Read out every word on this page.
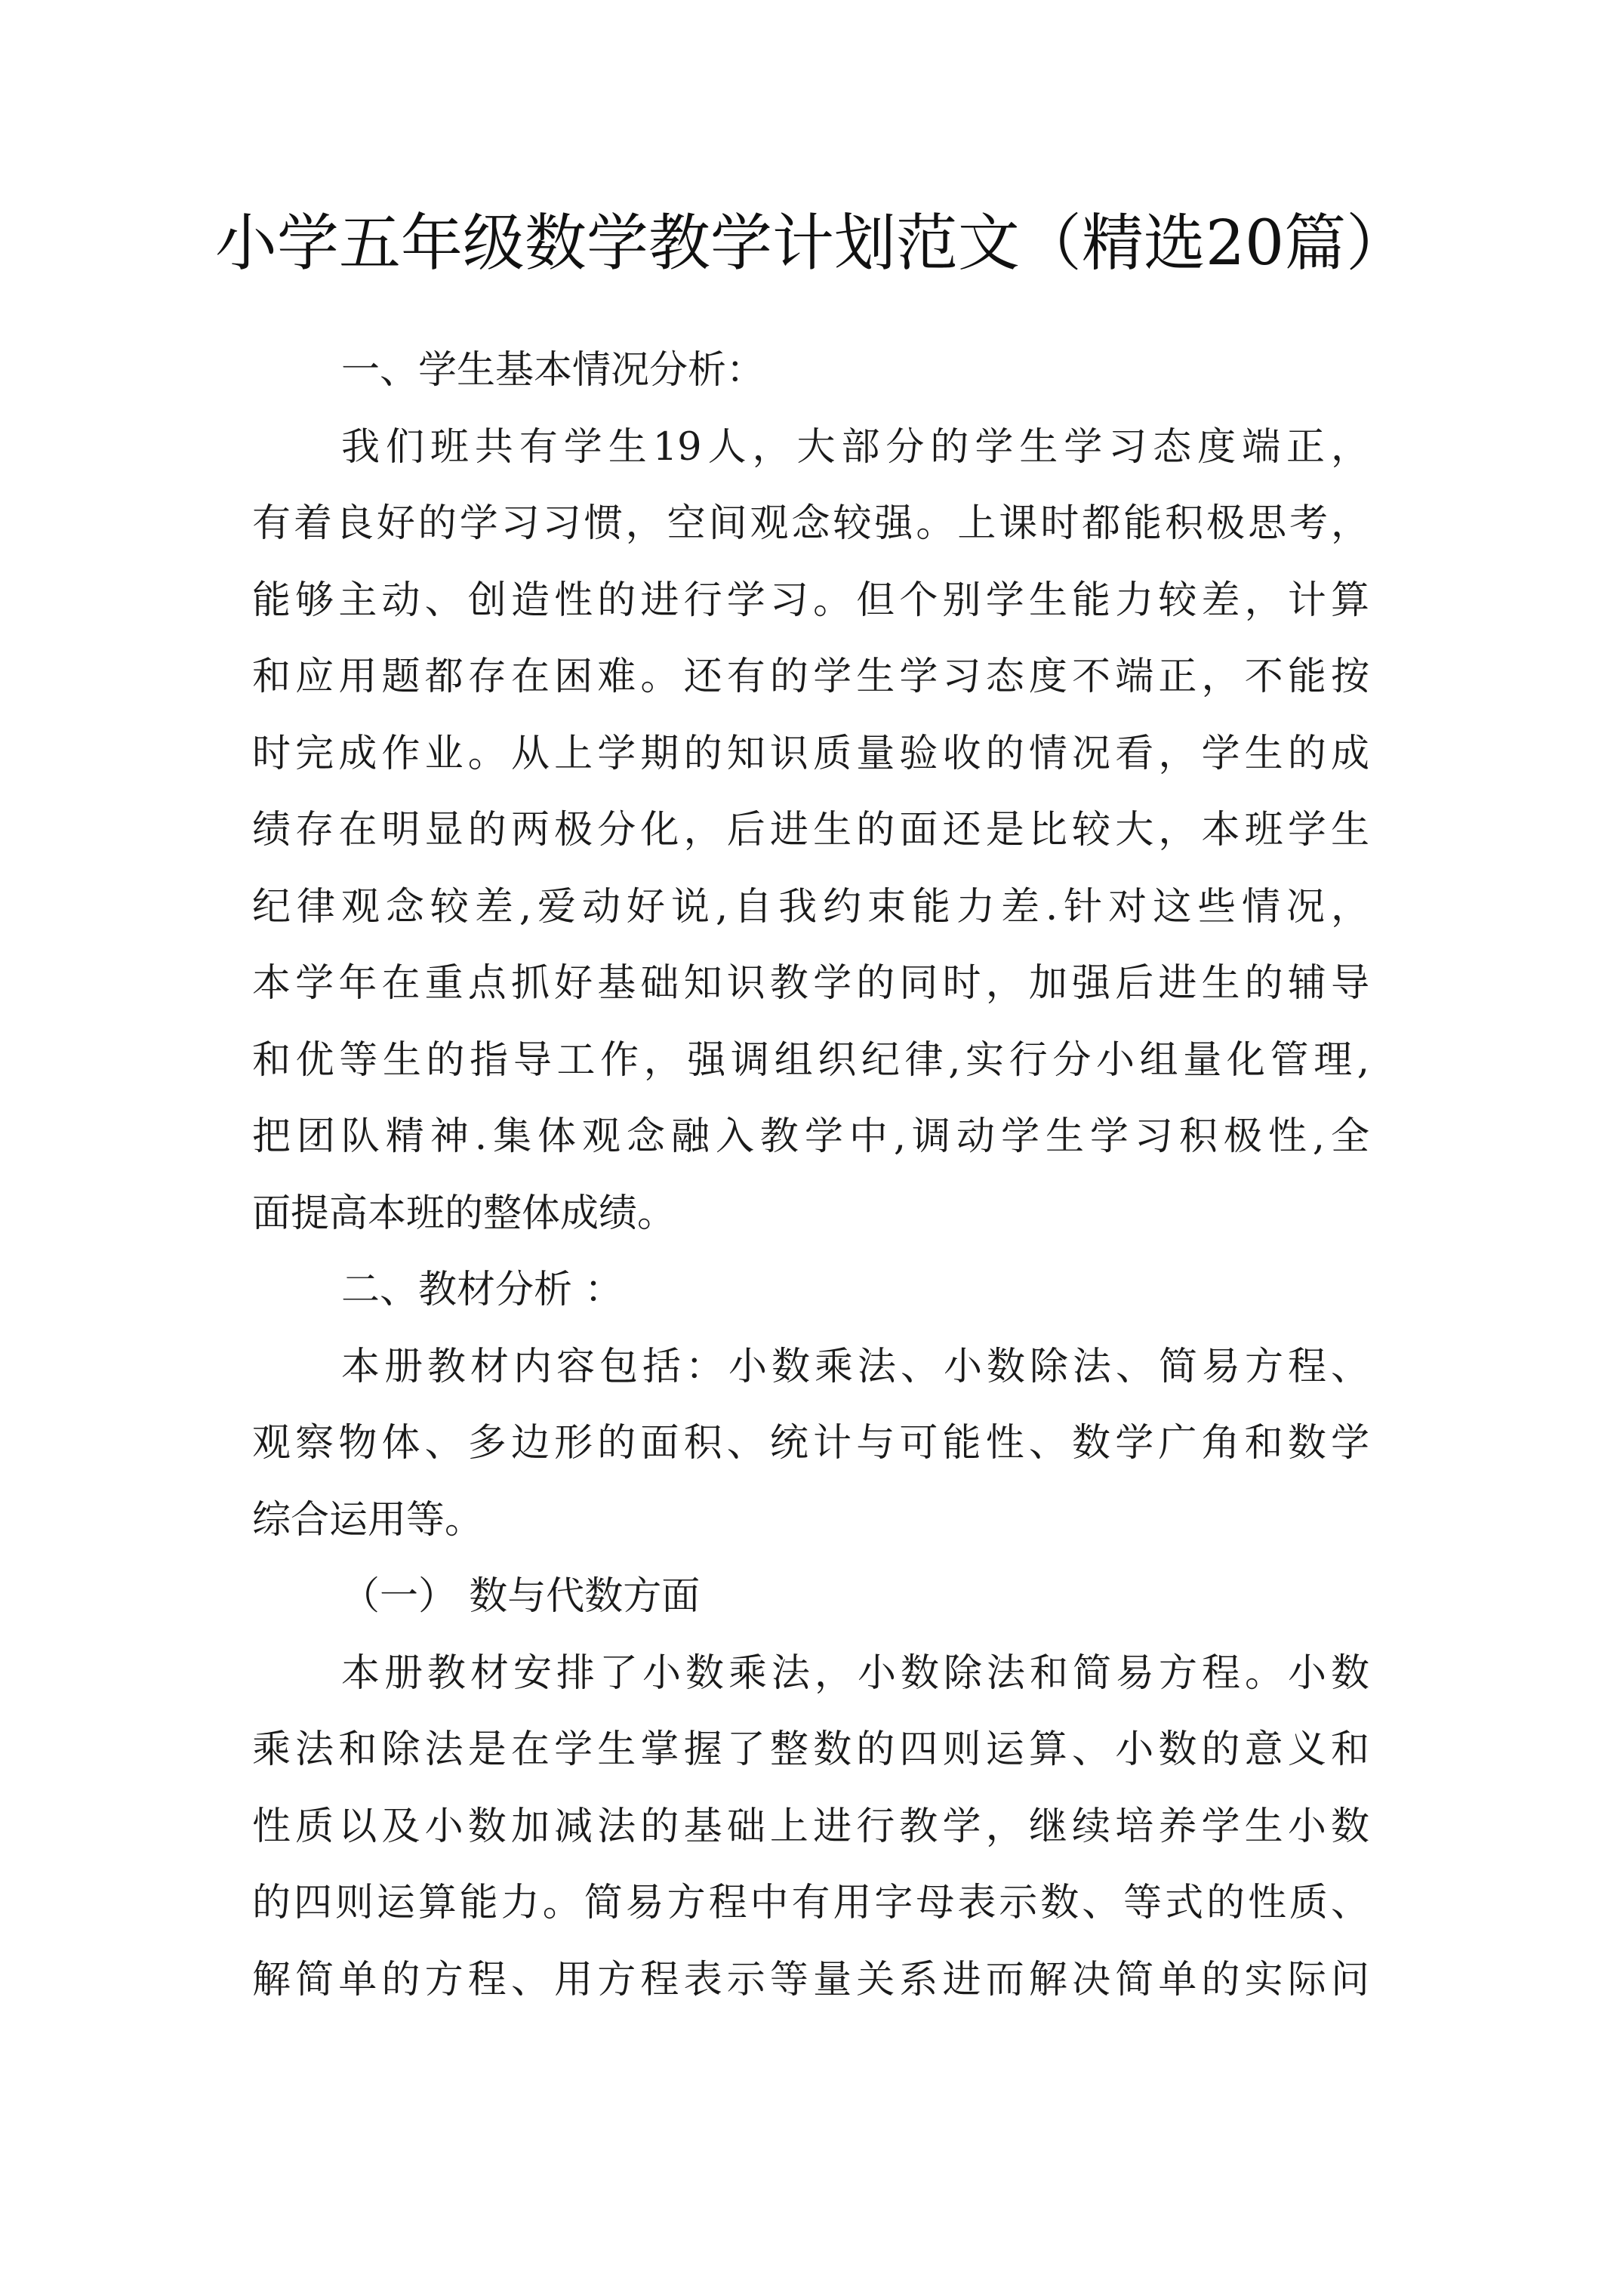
小学五年级数学教学计划范文（精选20篇）
一、学生基本情况分析：
我们班共有学生19人，大部分的学生学习态度端正，
有着良好的学习习惯，空间观念较强。上课时都能积极思考，
能够主动、创造性的进行学习。但个别学生能力较差，计算
和应用题都存在困难。还有的学生学习态度不端正，不能按
时完成作业。从上学期的知识质量验收的情况看，学生的成
绩存在明显的两极分化，后进生的面还是比较大，本班学生
纪律观念较差,爱动好说,自我约束能力差.针对这些情况，
本学年在重点抓好基础知识教学的同时，加强后进生的辅导
和优等生的指导工作，强调组织纪律,实行分小组量化管理,
把团队精神.集体观念融入教学中,调动学生学习积极性,全
面提高本班的整体成绩。
二、教材分析 ：
本册教材内容包括：小数乘法、小数除法、简易方程、
观察物体、多边形的面积、统计与可能性、数学广角和数学
综合运用等。
（一） 数与代数方面
本册教材安排了小数乘法，小数除法和简易方程。小数
乘法和除法是在学生掌握了整数的四则运算、小数的意义和
性质以及小数加减法的基础上进行教学，继续培养学生小数
的四则运算能力。简易方程中有用字母表示数、等式的性质、
解简单的方程、用方程表示等量关系进而解决简单的实际问
